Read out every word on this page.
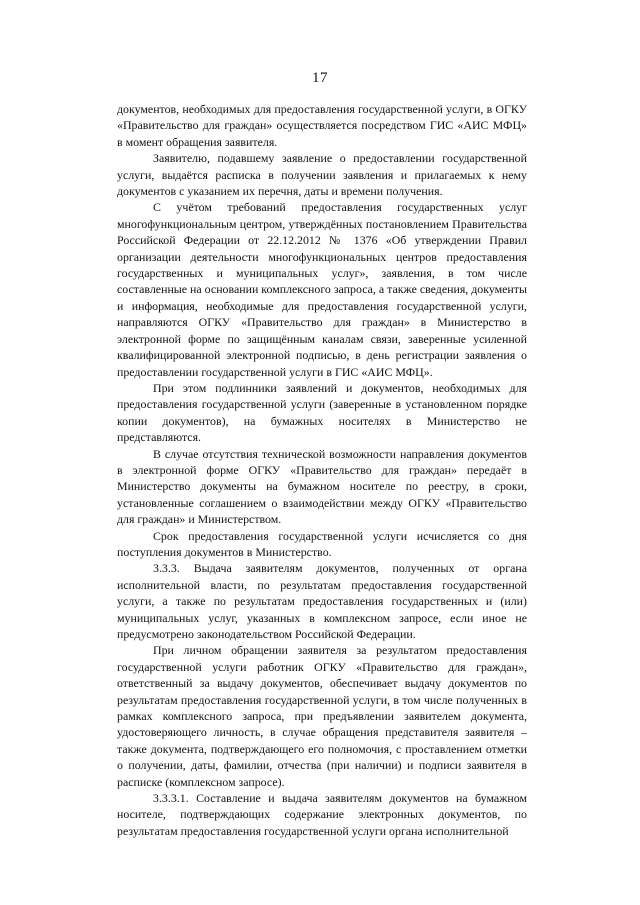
17

документов, необходимых для предоставления государственной услуги, в ОГКУ «Правительство для граждан» осуществляется посредством ГИС «АИС МФЦ» в момент обращения заявителя.

Заявителю, подавшему заявление о предоставлении государственной услуги, выдаётся расписка в получении заявления и прилагаемых к нему документов с указанием их перечня, даты и времени получения.

С учётом требований предоставления государственных услуг многофункциональным центром, утверждённых постановлением Правительства Российской Федерации от 22.12.2012 № 1376 «Об утверждении Правил организации деятельности многофункциональных центров предоставления государственных и муниципальных услуг», заявления, в том числе составленные на основании комплексного запроса, а также сведения, документы и информация, необходимые для предоставления государственной услуги, направляются ОГКУ «Правительство для граждан» в Министерство в электронной форме по защищённым каналам связи, заверенные усиленной квалифицированной электронной подписью, в день регистрации заявления о предоставлении государственной услуги в ГИС «АИС МФЦ».

При этом подлинники заявлений и документов, необходимых для предоставления государственной услуги (заверенные в установленном порядке копии документов), на бумажных носителях в Министерство не представляются.

В случае отсутствия технической возможности направления документов в электронной форме ОГКУ «Правительство для граждан» передаёт в Министерство документы на бумажном носителе по реестру, в сроки, установленные соглашением о взаимодействии между ОГКУ «Правительство для граждан» и Министерством.

Срок предоставления государственной услуги исчисляется со дня поступления документов в Министерство.

3.3.3. Выдача заявителям документов, полученных от органа исполнительной власти, по результатам предоставления государственной услуги, а также по результатам предоставления государственных и (или) муниципальных услуг, указанных в комплексном запросе, если иное не предусмотрено законодательством Российской Федерации.

При личном обращении заявителя за результатом предоставления государственной услуги работник ОГКУ «Правительство для граждан», ответственный за выдачу документов, обеспечивает выдачу документов по результатам предоставления государственной услуги, в том числе полученных в рамках комплексного запроса, при предъявлении заявителем документа, удостоверяющего личность, в случае обращения представителя заявителя – также документа, подтверждающего его полномочия, с проставлением отметки о получении, даты, фамилии, отчества (при наличии) и подписи заявителя в расписке (комплексном запросе).

3.3.3.1. Составление и выдача заявителям документов на бумажном носителе, подтверждающих содержание электронных документов, по результатам предоставления государственной услуги органа исполнительной
